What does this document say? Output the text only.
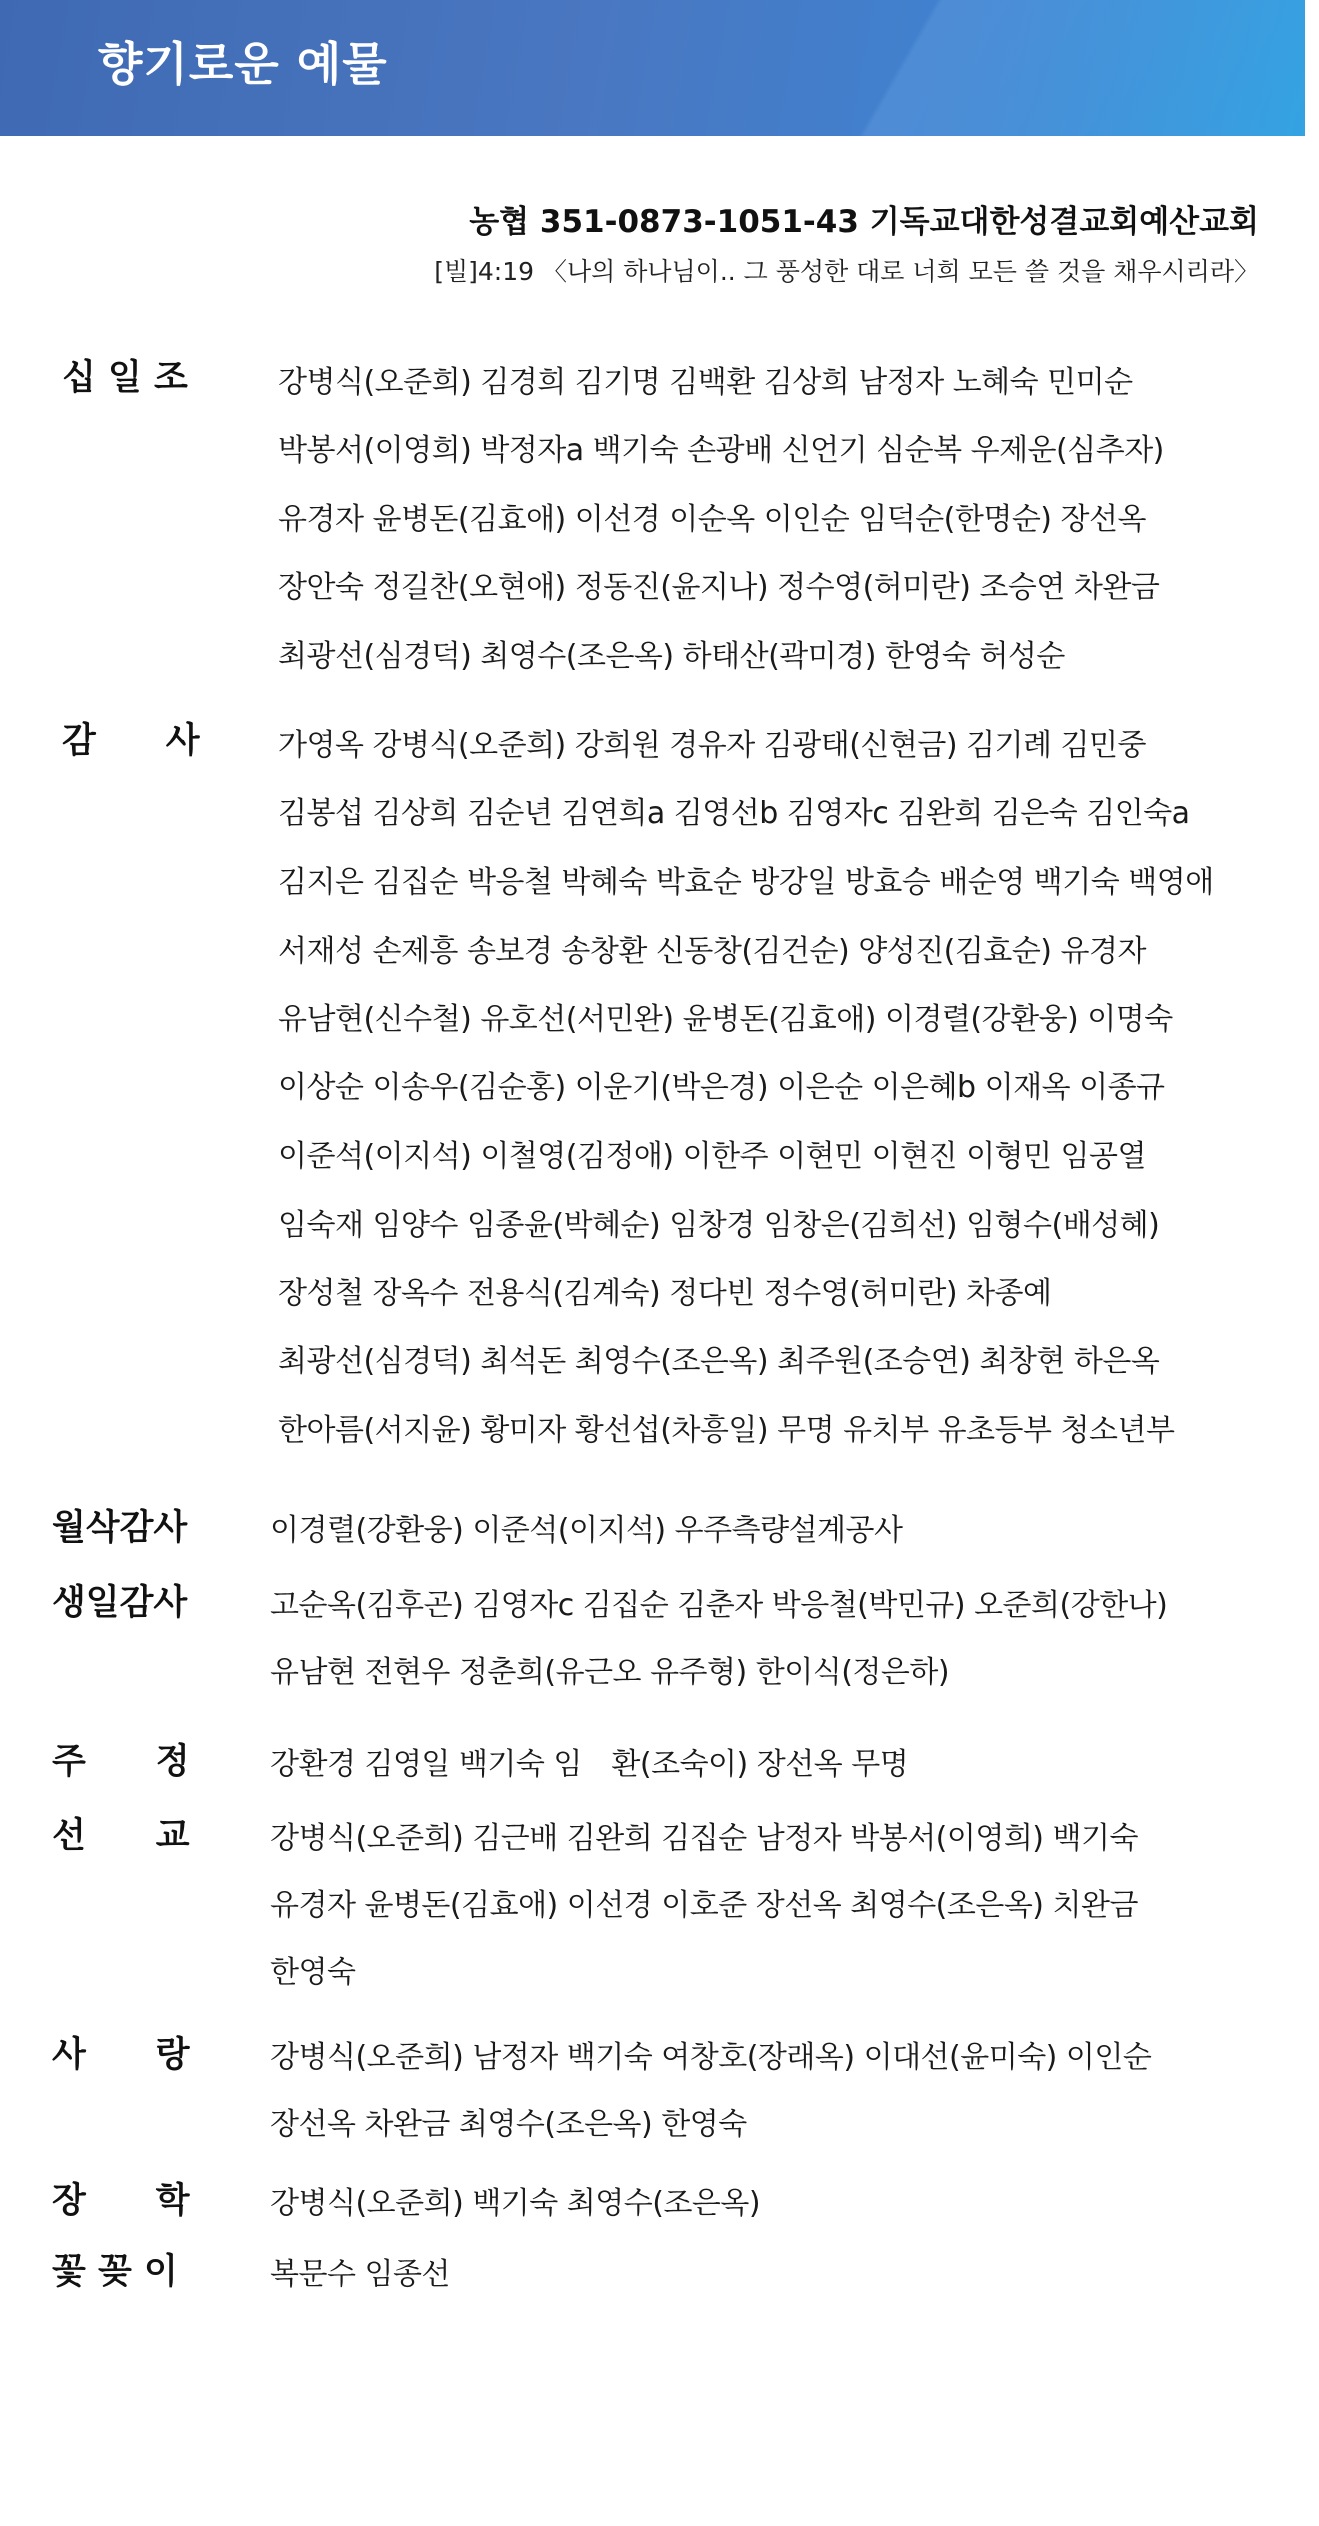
향기로운 예물
농협 351-0873-1051-43 기독교대한성결교회예산교회
[빌]4:19 〈나의 하나님이.. 그 풍성한 대로 너희 모든 쓸 것을 채우시리라〉
십 일 조	강병식(오준희) 김경희 김기명 김백환 김상희 남정자 노혜숙 민미순
박봉서(이영희) 박정자a 백기숙 손광배 신언기 심순복 우제운(심추자)
유경자 윤병돈(김효애) 이선경 이순옥 이인순 임덕순(한명순) 장선옥
장안숙 정길찬(오현애) 정동진(윤지나) 정수영(허미란) 조승연 차완금
최광선(심경덕) 최영수(조은옥) 하태산(곽미경) 한영숙 허성순
감　　사	가영옥 강병식(오준희) 강희원 경유자 김광태(신현금) 김기례 김민중
김봉섭 김상희 김순년 김연희a 김영선b 김영자c 김완희 김은숙 김인숙a
김지은 김집순 박응철 박혜숙 박효순 방강일 방효승 배순영 백기숙 백영애
서재성 손제흥 송보경 송창환 신동창(김건순) 양성진(김효순) 유경자
유남현(신수철) 유호선(서민완) 윤병돈(김효애) 이경렬(강환웅) 이명숙
이상순 이송우(김순홍) 이운기(박은경) 이은순 이은혜b 이재옥 이종규
이준석(이지석) 이철영(김정애) 이한주 이현민 이현진 이형민 임공열
임숙재 임양수 임종윤(박혜순) 임창경 임창은(김희선) 임형수(배성혜)
장성철 장옥수 전용식(김계숙) 정다빈 정수영(허미란) 차종예
최광선(심경덕) 최석돈 최영수(조은옥) 최주원(조승연) 최창현 하은옥
한아름(서지윤) 황미자 황선섭(차흥일) 무명 유치부 유초등부 청소년부
월삭감사	이경렬(강환웅) 이준석(이지석) 우주측량설계공사
생일감사	고순옥(김후곤) 김영자c 김집순 김춘자 박응철(박민규) 오준희(강한나)
유남현 전현우 정춘희(유근오 유주형) 한이식(정은하)
주　　정	강환경 김영일 백기숙 임　환(조숙이) 장선옥 무명
선　　교	강병식(오준희) 김근배 김완희 김집순 남정자 박봉서(이영희) 백기숙
유경자 윤병돈(김효애) 이선경 이호준 장선옥 최영수(조은옥) 치완금
한영숙
사　　랑	강병식(오준희) 남정자 백기숙 여창호(장래옥) 이대선(윤미숙) 이인순
장선옥 차완금 최영수(조은옥) 한영숙
장　　학	강병식(오준희) 백기숙 최영수(조은옥)
꽃 꽂 이	복문수 임종선
